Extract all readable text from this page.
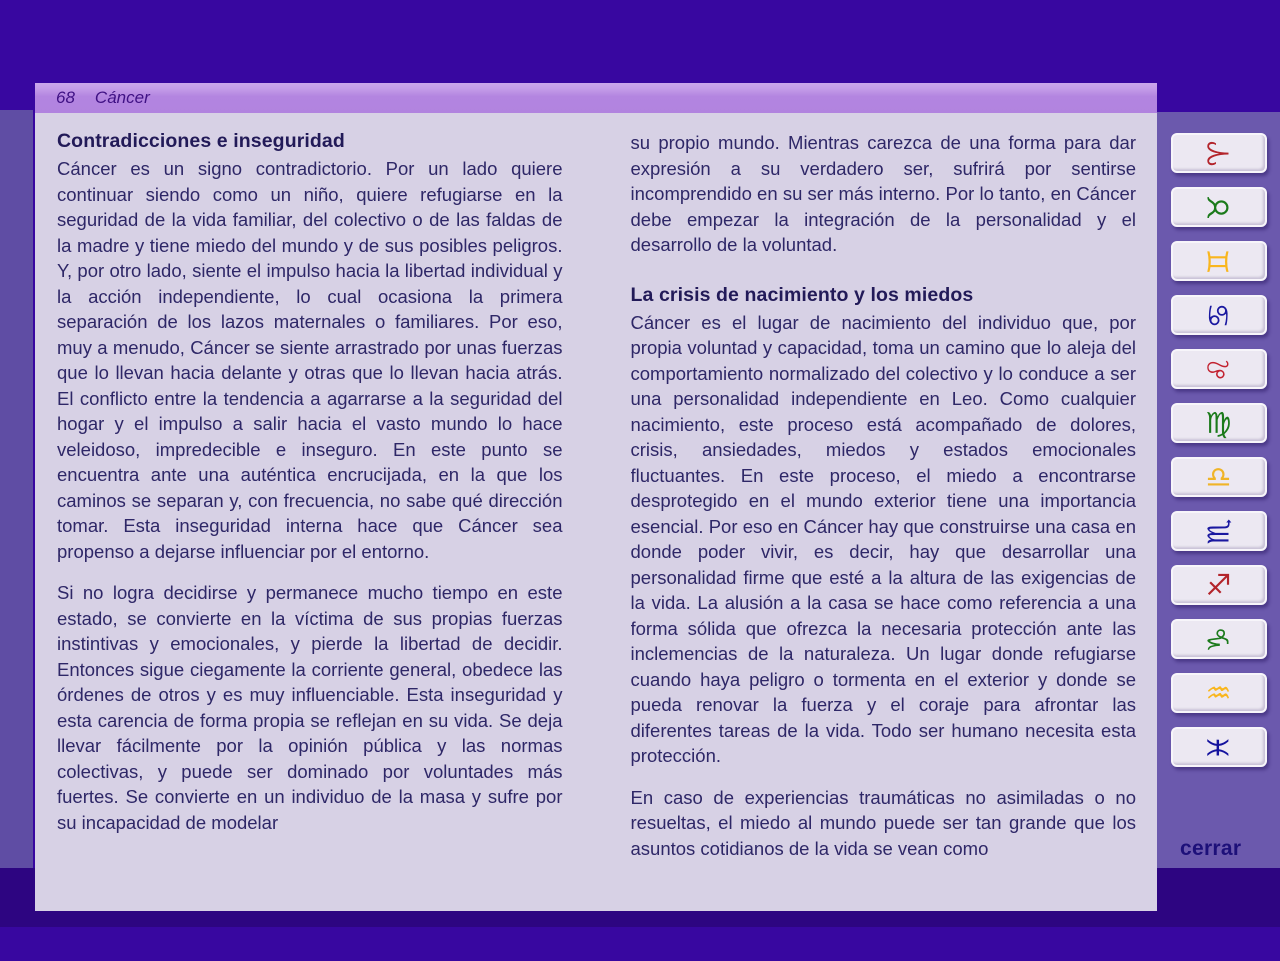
68 Cáncer
Contradicciones e inseguridad

Cáncer es un signo contradictorio. Por un lado quiere continuar siendo como un niño, quiere refugiarse en la seguridad de la vida familiar, del colectivo o de las faldas de la madre y tiene miedo del mundo y de sus posibles peligros. Y, por otro lado, siente el impulso hacia la libertad individual y la acción independiente, lo cual ocasiona la primera separación de los lazos maternales o familiares. Por eso, muy a menudo, Cáncer se siente arrastrado por unas fuerzas que lo llevan hacia delante y otras que lo llevan hacia atrás. El conflicto entre la tendencia a agarrarse a la seguridad del hogar y el impulso a salir hacia el vasto mundo lo hace veleidoso, impredecible e inseguro. En este punto se encuentra ante una auténtica encrucijada, en la que los caminos se separan y, con frecuencia, no sabe qué dirección tomar. Esta inseguridad interna hace que Cáncer sea propenso a dejarse influenciar por el entorno.

Si no logra decidirse y permanece mucho tiempo en este estado, se convierte en la víctima de sus propias fuerzas instintivas y emocionales, y pierde la libertad de decidir. Entonces sigue ciegamente la corriente general, obedece las órdenes de otros y es muy influenciable. Esta inseguridad y esta carencia de forma propia se reflejan en su vida. Se deja llevar fácilmente por la opinión pública y las normas colectivas, y puede ser dominado por voluntades más fuertes. Se convierte en un individuo de la masa y sufre por su incapacidad de modelar

su propio mundo. Mientras carezca de una forma para dar expresión a su verdadero ser, sufrirá por sentirse incomprendido en su ser más interno. Por lo tanto, en Cáncer debe empezar la integración de la personalidad y el desarrollo de la voluntad.

La crisis de nacimiento y los miedos

Cáncer es el lugar de nacimiento del individuo que, por propia voluntad y capacidad, toma un camino que lo aleja del comportamiento normalizado del colectivo y lo conduce a ser una personalidad independiente en Leo. Como cualquier nacimiento, este proceso está acompañado de dolores, crisis, ansiedades, miedos y estados emocionales fluctuantes. En este proceso, el miedo a encontrarse desprotegido en el mundo exterior tiene una importancia esencial. Por eso en Cáncer hay que construirse una casa en donde poder vivir, es decir, hay que desarrollar una personalidad firme que esté a la altura de las exigencias de la vida. La alusión a la casa se hace como referencia a una forma sólida que ofrezca la necesaria protección ante las inclemencias de la naturaleza. Un lugar donde refugiarse cuando haya peligro o tormenta en el exterior y donde se pueda renovar la fuerza y el coraje para afrontar las diferentes tareas de la vida. Todo ser humano necesita esta protección.

En caso de experiencias traumáticas no asimiladas o no resueltas, el miedo al mundo puede ser tan grande que los asuntos cotidianos de la vida se vean como

♈
♉
♊
♋
♌
♍
♎
♏
♐
♑
♒
♓
cerrar
